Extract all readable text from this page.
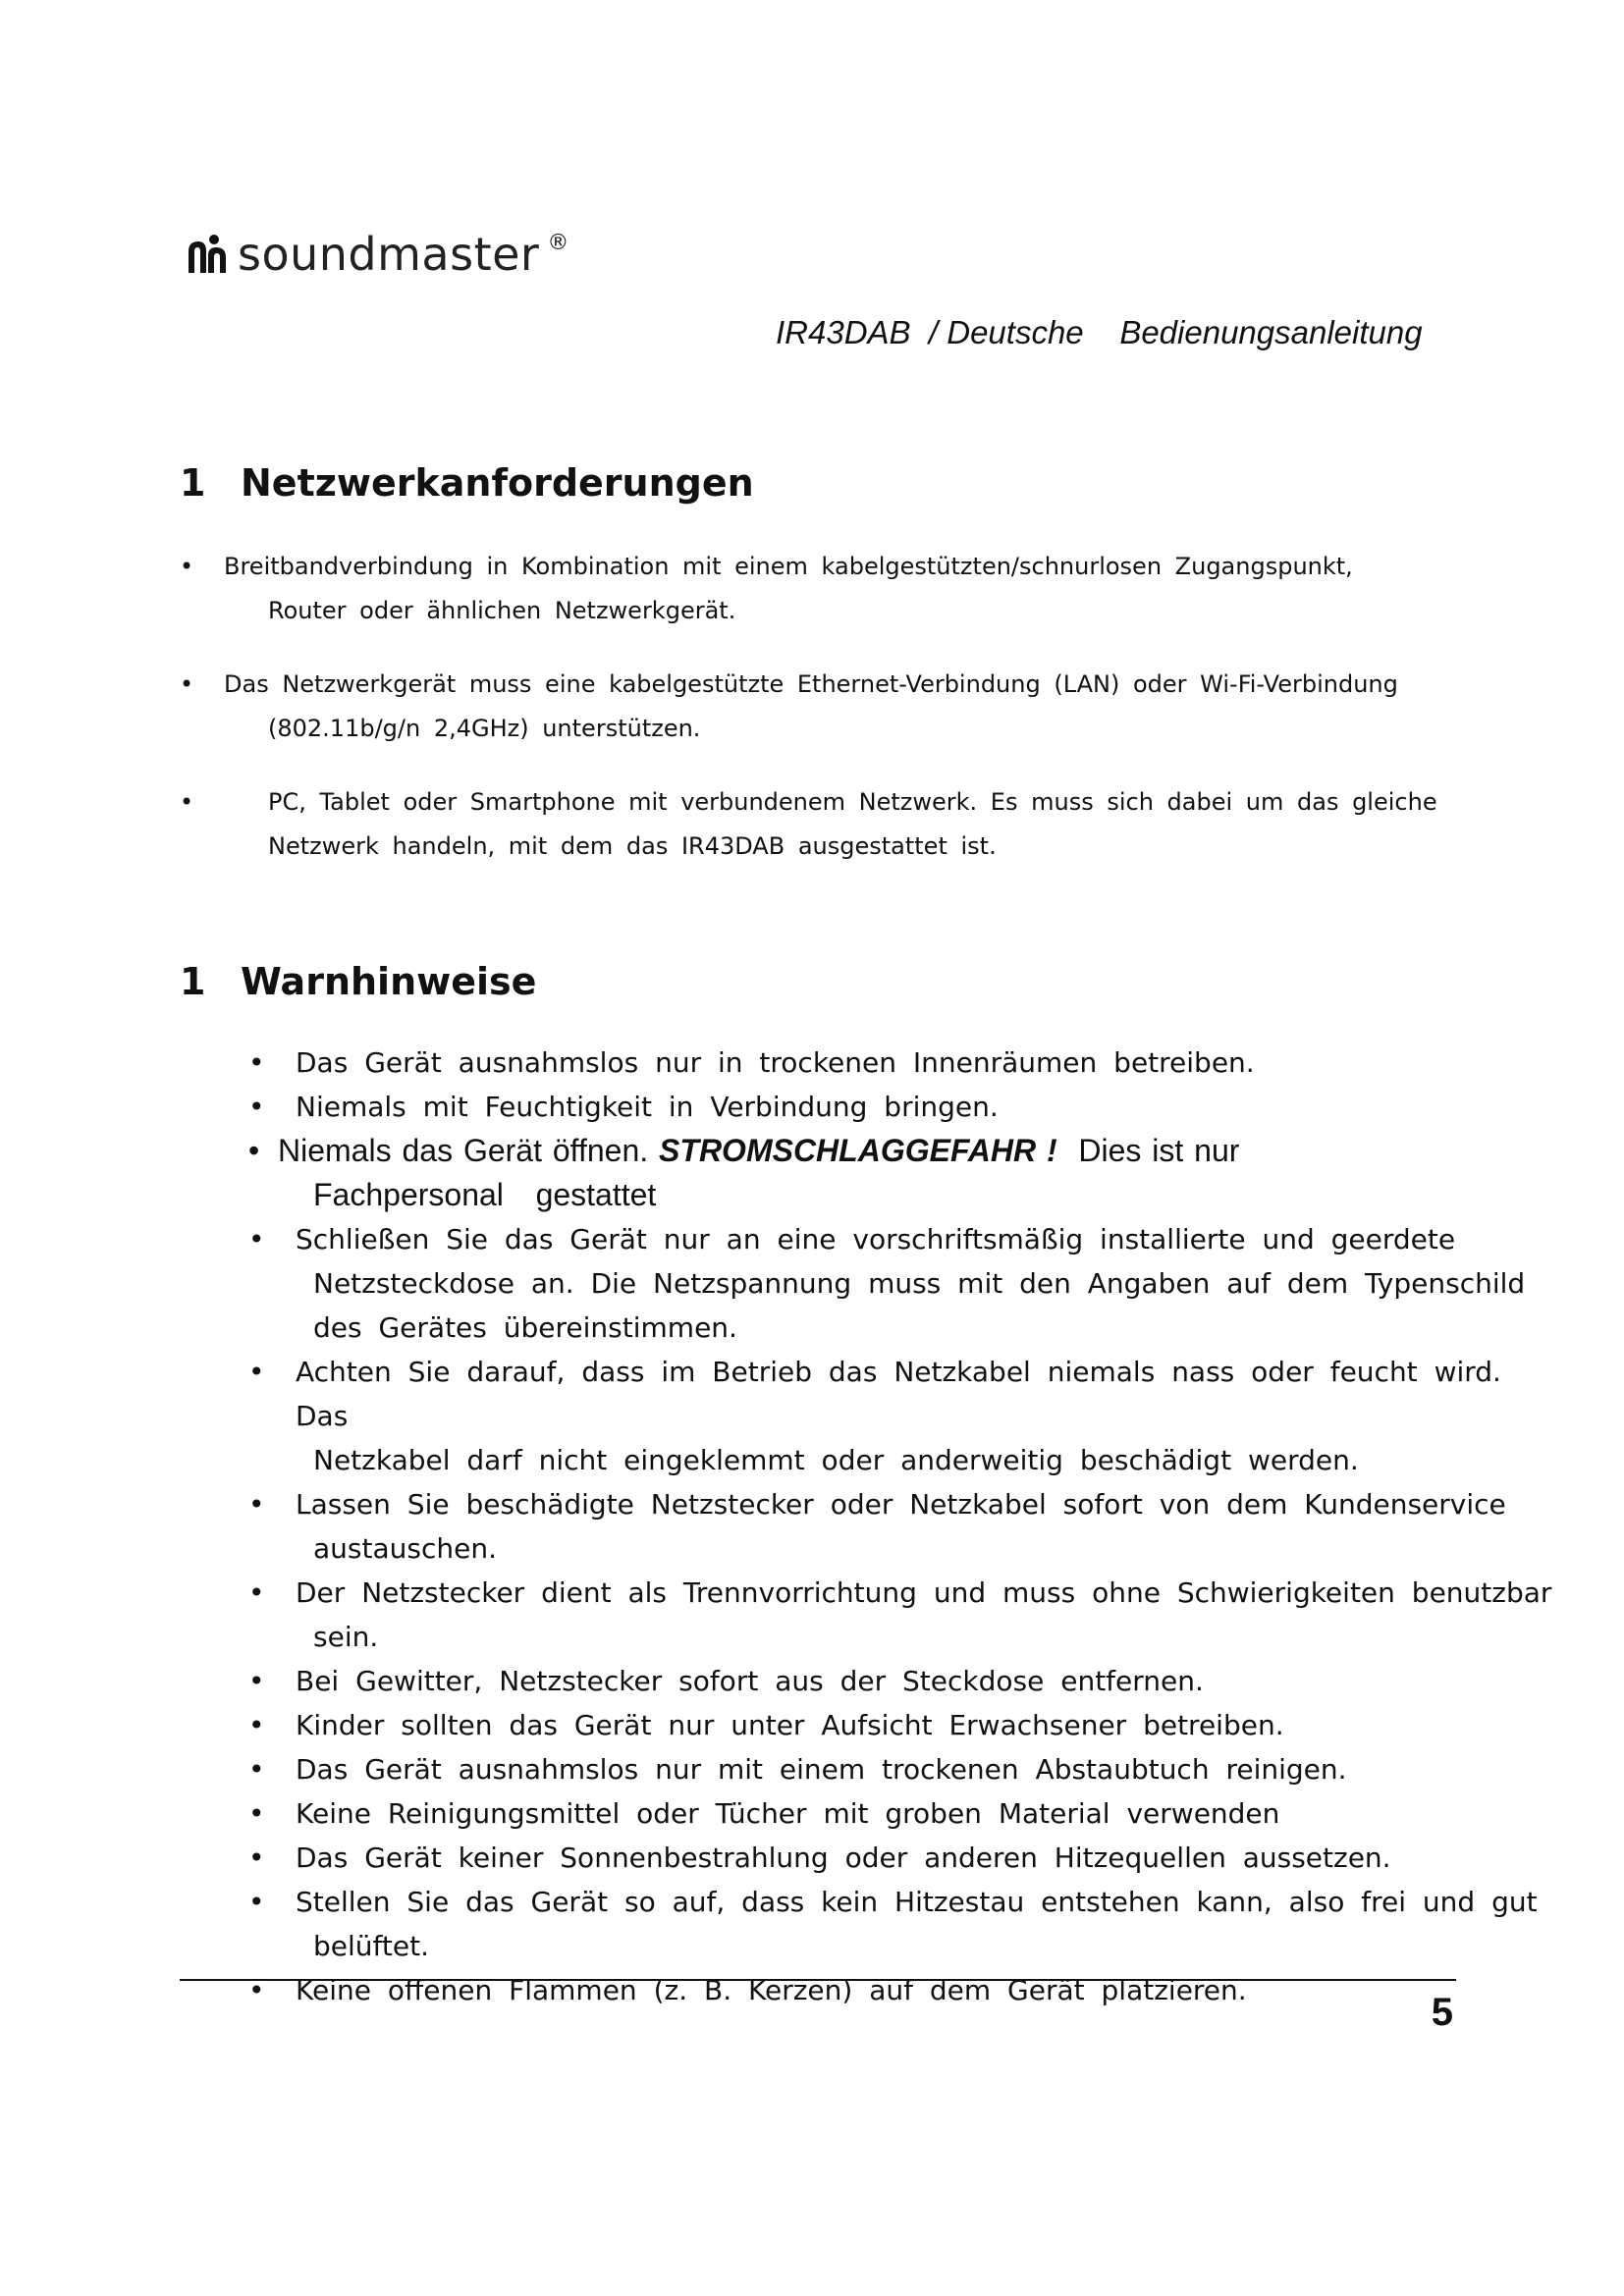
soundmaster ®
IR43DAB  / Deutsche    Bedienungsanleitung
1 Netzwerkanforderungen
• Breitbandverbindung in Kombination mit einem kabelgestützten/schnurlosen Zugangspunkt,
Router oder ähnlichen Netzwerkgerät.
• Das Netzwerkgerät muss eine kabelgestützte Ethernet-Verbindung (LAN) oder Wi-Fi-Verbindung
(802.11b/g/n 2,4GHz) unterstützen.
•	PC, Tablet oder Smartphone mit verbundenem Netzwerk. Es muss sich dabei um das gleiche
Netzwerk handeln, mit dem das IR43DAB ausgestattet ist.
1 Warnhinweise
• Das Gerät ausnahmslos nur in trockenen Innenräumen betreiben.
• Niemals mit Feuchtigkeit in Verbindung bringen.
• Niemals das Gerät öffnen. STROMSCHLAGGEFAHR !  Dies ist nur
Fachpersonal   gestattet
• Schließen Sie das Gerät nur an eine vorschriftsmäßig installierte und geerdete
Netzsteckdose an. Die Netzspannung muss mit den Angaben auf dem Typenschild
des Gerätes übereinstimmen.
• Achten Sie darauf, dass im Betrieb das Netzkabel niemals nass oder feucht wird. Das
Netzkabel darf nicht eingeklemmt oder anderweitig beschädigt werden.
• Lassen Sie beschädigte Netzstecker oder Netzkabel sofort von dem Kundenservice
austauschen.
• Der Netzstecker dient als Trennvorrichtung und muss ohne Schwierigkeiten benutzbar
sein.
• Bei Gewitter, Netzstecker sofort aus der Steckdose entfernen.
• Kinder sollten das Gerät nur unter Aufsicht Erwachsener betreiben.
• Das Gerät ausnahmslos nur mit einem trockenen Abstaubtuch reinigen.
• Keine Reinigungsmittel oder Tücher mit groben Material verwenden
• Das Gerät keiner Sonnenbestrahlung oder anderen Hitzequellen aussetzen.
• Stellen Sie das Gerät so auf, dass kein Hitzestau entstehen kann, also frei und gut
belüftet.
• Keine offenen Flammen (z. B. Kerzen) auf dem Gerät platzieren.
5
